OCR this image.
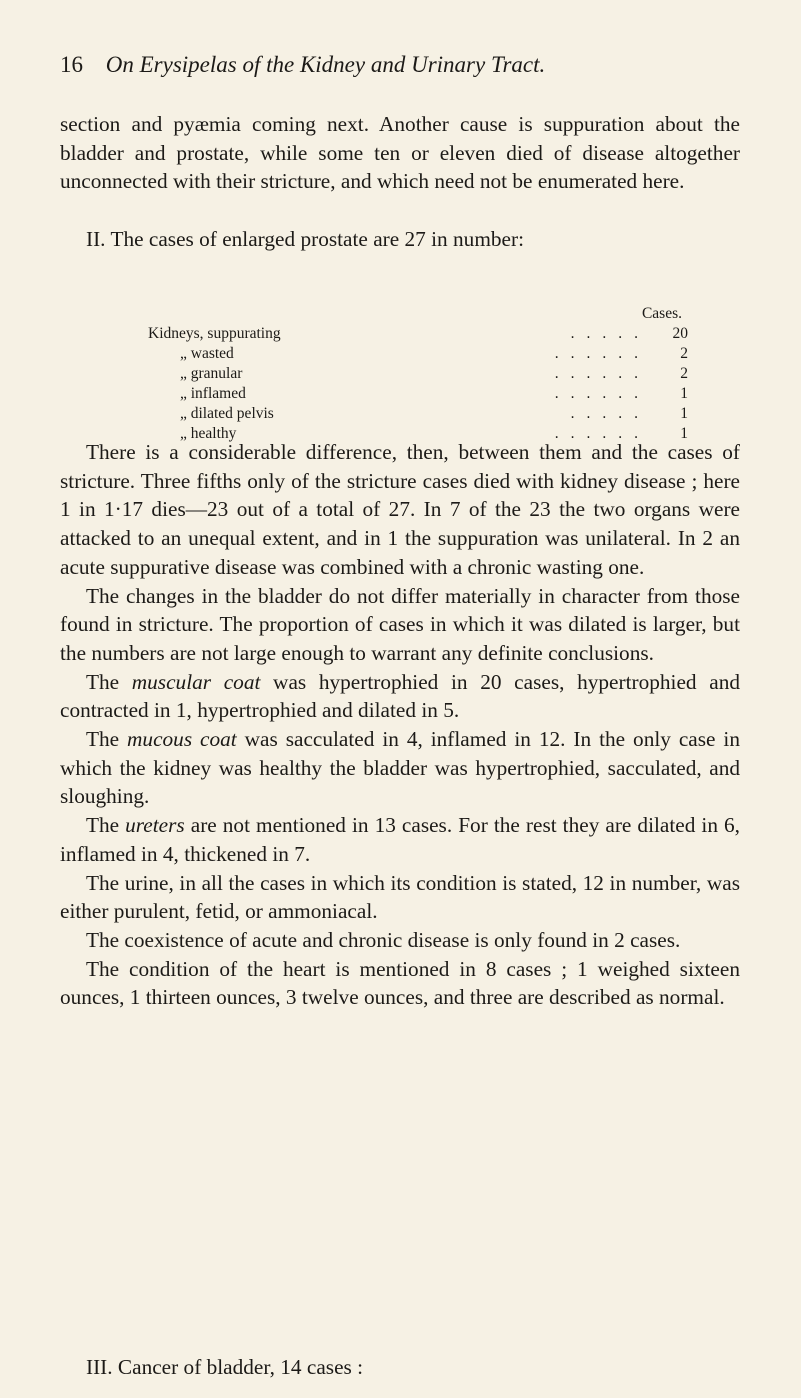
16 On Erysipelas of the Kidney and Urinary Tract.

section and pyæmia coming next. Another cause is suppuration about the bladder and prostate, while some ten or eleven died of disease altogether unconnected with their stricture, and which need not be enumerated here.

II. The cases of enlarged prostate are 27 in number:
Cases.
Kidneys, suppurating	.....	20
„ wasted	......	2
„ granular	......	2
„ inflamed	......	1
„ dilated pelvis	.....	1
„ healthy	......	1

There is a considerable difference, then, between them and the cases of stricture. Three fifths only of the stricture cases died with kidney disease ; here 1 in 1·17 dies—23 out of a total of 27. In 7 of the 23 the two organs were attacked to an unequal extent, and in 1 the suppuration was unilateral. In 2 an acute suppurative disease was combined with a chronic wasting one.

The changes in the bladder do not differ materially in character from those found in stricture. The proportion of cases in which it was dilated is larger, but the numbers are not large enough to warrant any definite conclusions.

The muscular coat was hypertrophied in 20 cases, hypertrophied and contracted in 1, hypertrophied and dilated in 5.

The mucous coat was sacculated in 4, inflamed in 12. In the only case in which the kidney was healthy the bladder was hypertrophied, sacculated, and sloughing.

The ureters are not mentioned in 13 cases. For the rest they are dilated in 6, inflamed in 4, thickened in 7.

The urine, in all the cases in which its condition is stated, 12 in number, was either purulent, fetid, or ammoniacal.

The coexistence of acute and chronic disease is only found in 2 cases.

The condition of the heart is mentioned in 8 cases ; 1 weighed sixteen ounces, 1 thirteen ounces, 3 twelve ounces, and three are described as normal.

III. Cancer of bladder, 14 cases :
